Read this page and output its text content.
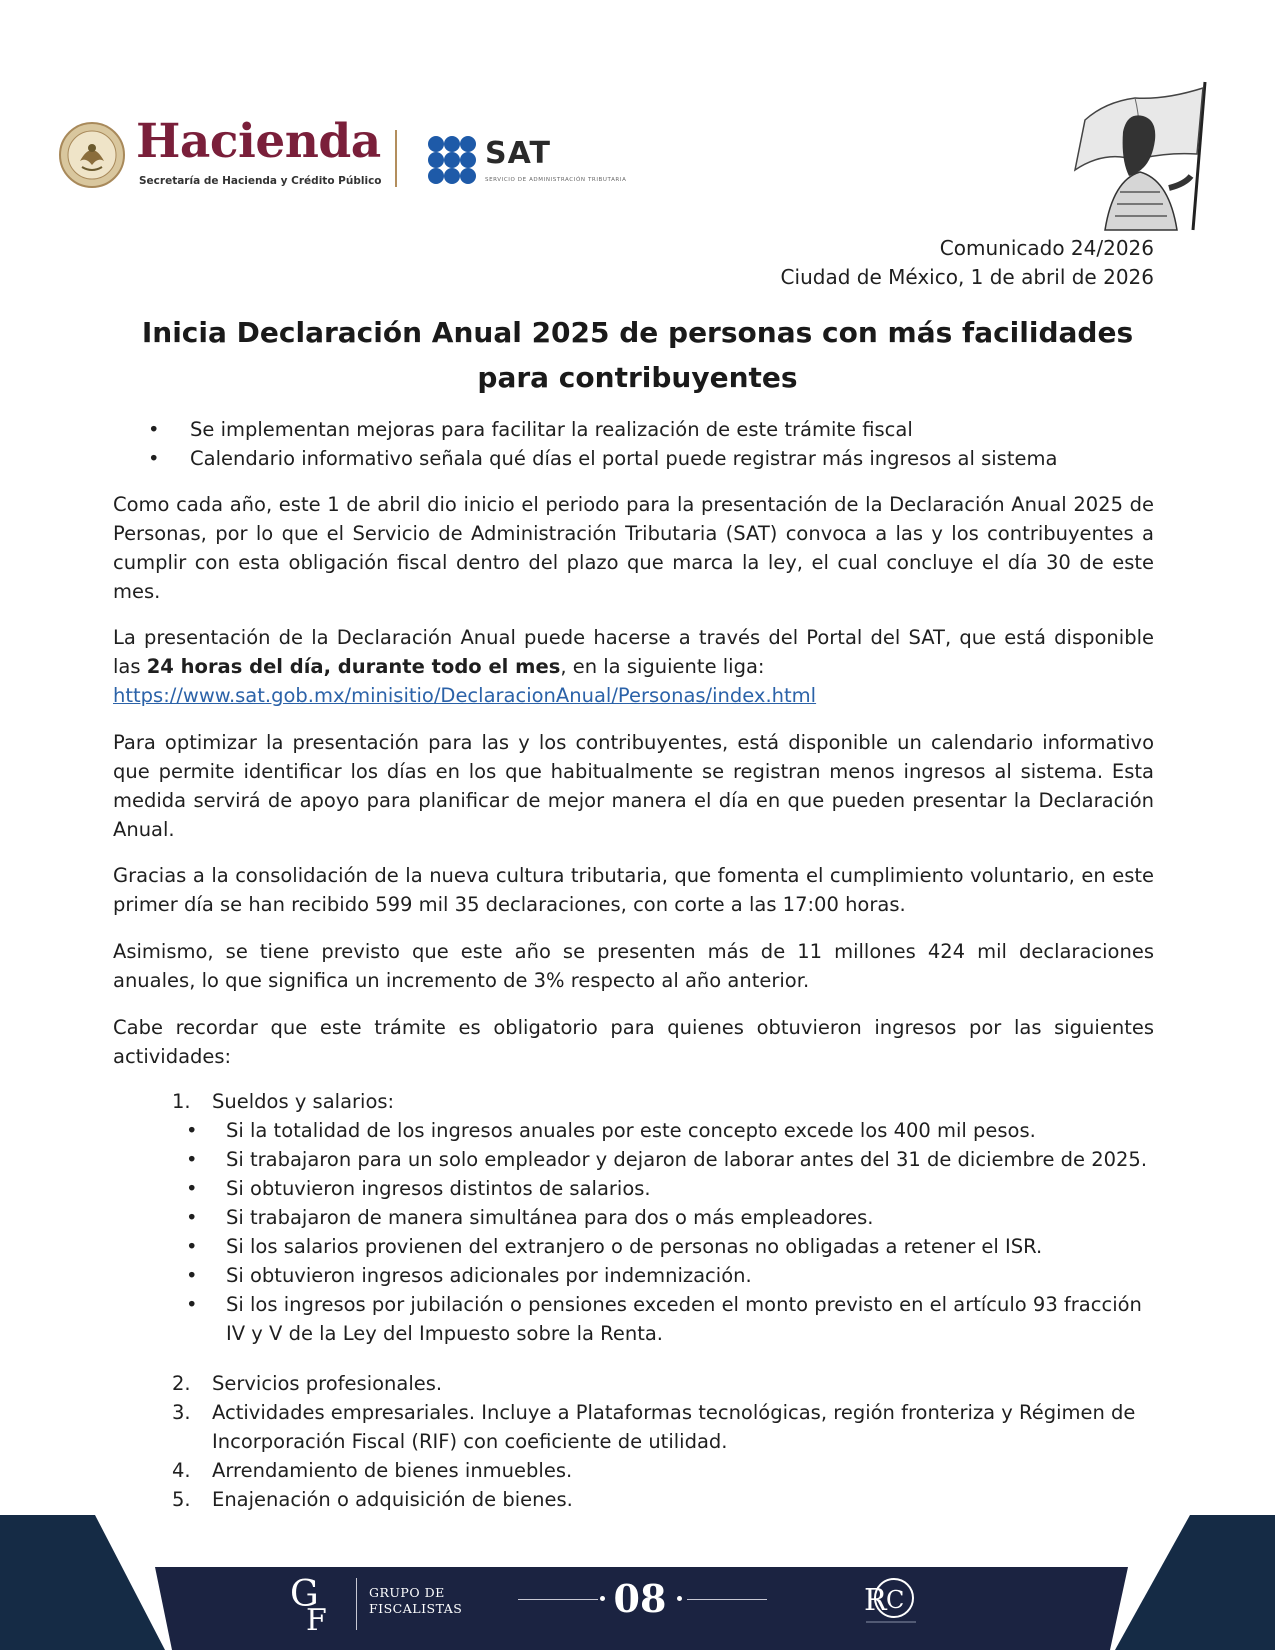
Hacienda
Secretaría de Hacienda y Crédito Público
SAT
SERVICIO DE ADMINISTRACIÓN TRIBUTARIA
Comunicado 24/2026
Ciudad de México, 1 de abril de 2026
Inicia Declaración Anual 2025 de personas con más facilidades
para contribuyentes
• Se implementan mejoras para facilitar la realización de este trámite fiscal
• Calendario informativo señala qué días el portal puede registrar más ingresos al sistema

Como cada año, este 1 de abril dio inicio el periodo para la presentación de la Declaración Anual 2025 de Personas, por lo que el Servicio de Administración Tributaria (SAT) convoca a las y los contribuyentes a cumplir con esta obligación fiscal dentro del plazo que marca la ley, el cual concluye el día 30 de este mes.

La presentación de la Declaración Anual puede hacerse a través del Portal del SAT, que está disponible las 24 horas del día, durante todo el mes, en la siguiente liga:
https://www.sat.gob.mx/minisitio/DeclaracionAnual/Personas/index.html

Para optimizar la presentación para las y los contribuyentes, está disponible un calendario informativo que permite identificar los días en los que habitualmente se registran menos ingresos al sistema. Esta medida servirá de apoyo para planificar de mejor manera el día en que pueden presentar la Declaración Anual.

Gracias a la consolidación de la nueva cultura tributaria, que fomenta el cumplimiento voluntario, en este primer día se han recibido 599 mil 35 declaraciones, con corte a las 17:00 horas.

Asimismo, se tiene previsto que este año se presenten más de 11 millones 424 mil declaraciones anuales, lo que significa un incremento de 3% respecto al año anterior.

Cabe recordar que este trámite es obligatorio para quienes obtuvieron ingresos por las siguientes actividades:

1. Sueldos y salarios:
• Si la totalidad de los ingresos anuales por este concepto excede los 400 mil pesos.
• Si trabajaron para un solo empleador y dejaron de laborar antes del 31 de diciembre de 2025.
• Si obtuvieron ingresos distintos de salarios.
• Si trabajaron de manera simultánea para dos o más empleadores.
• Si los salarios provienen del extranjero o de personas no obligadas a retener el ISR.
• Si obtuvieron ingresos adicionales por indemnización.
• Si los ingresos por jubilación o pensiones exceden el monto previsto en el artículo 93 fracción
IV y V de la Ley del Impuesto sobre la Renta.
2. Servicios profesionales.
3. Actividades empresariales. Incluye a Plataformas tecnológicas, región fronteriza y Régimen de
Incorporación Fiscal (RIF) con coeficiente de utilidad.
4. Arrendamiento de bienes inmuebles.
5. Enajenación o adquisición de bienes.
G
F
GRUPO DE
FISCALISTAS	08	R C
